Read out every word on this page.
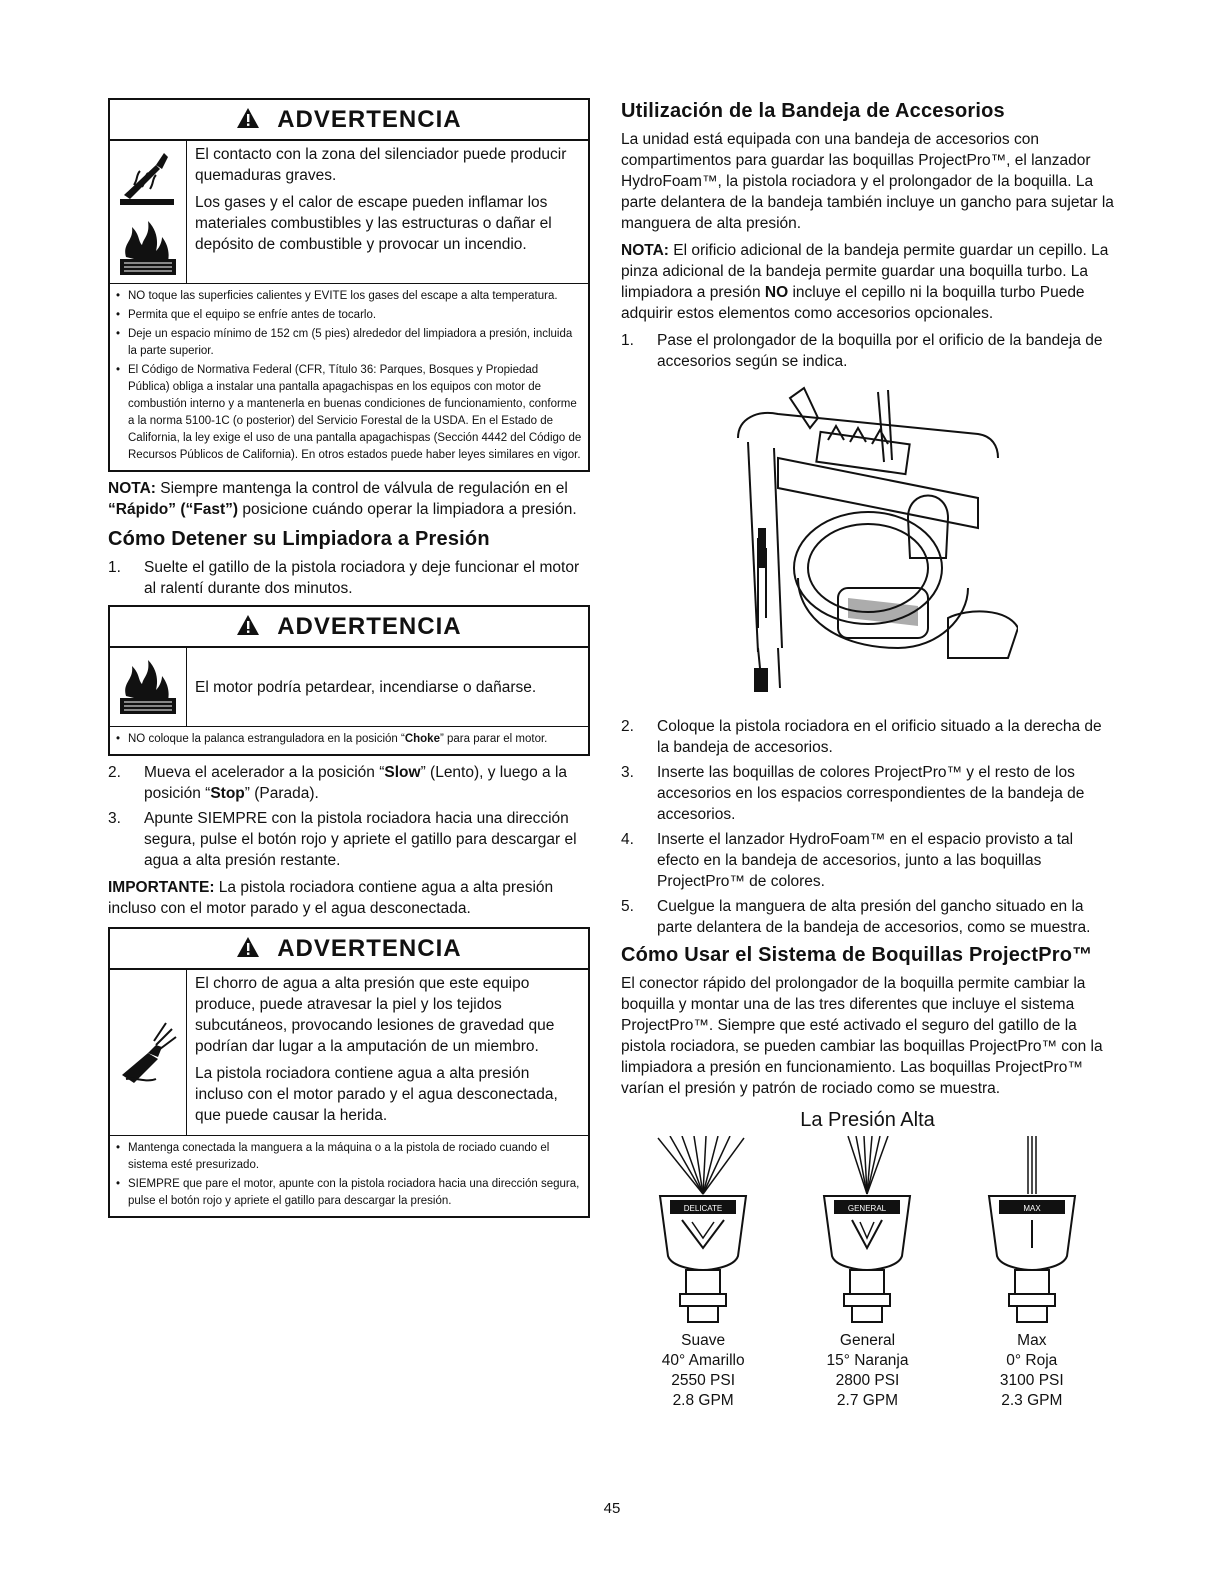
ADVERTENCIA

El contacto con la zona del silenciador puede producir quemaduras graves.

Los gases y el calor de escape pueden inflamar los materiales combustibles y las estructuras o dañar el depósito de combustible y provocar un incendio.

• NO toque las superficies calientes y EVITE los gases del escape a alta temperatura.
• Permita que el equipo se enfríe antes de tocarlo.
• Deje un espacio mínimo de 152 cm (5 pies) alrededor del limpiadora a presión, incluida la parte superior.
• El Código de Normativa Federal (CFR, Título 36: Parques, Bosques y Propiedad Pública) obliga a instalar una pantalla apagachispas en los equipos con motor de combustión interno y a mantenerla en buenas condiciones de funcionamiento, conforme a la norma 5100-1C (o posterior) del Servicio Forestal de la USDA. En el Estado de California, la ley exige el uso de una pantalla apagachispas (Sección 4442 del Código de Recursos Públicos de California). En otros estados puede haber leyes similares en vigor.
NOTA: Siempre mantenga la control de válvula de regulación en el “Rápido” (“Fast”) posicione cuándo operar la limpiadora a presión.
Cómo Detener su Limpiadora a Presión
1.	Suelte el gatillo de la pistola rociadora y deje funcionar el motor al ralentí durante dos minutos.
ADVERTENCIA

El motor podría petardear, incendiarse o dañarse.

• NO coloque la palanca estranguladora en la posición “Choke” para parar el motor.
2.	Mueva el acelerador a la posición “Slow” (Lento), y luego a la posición “Stop” (Parada).
3.	Apunte SIEMPRE con la pistola rociadora hacia una dirección segura, pulse el botón rojo y apriete el gatillo para descargar el agua a alta presión restante.
IMPORTANTE: La pistola rociadora contiene agua a alta presión incluso con el motor parado y el agua desconectada.
ADVERTENCIA

El chorro de agua a alta presión que este equipo produce, puede atravesar la piel y los tejidos subcutáneos, provocando lesiones de gravedad que podrían dar lugar a la amputación de un miembro.

La pistola rociadora contiene agua a alta presión incluso con el motor parado y el agua desconectada, que puede causar la herida.

• Mantenga conectada la manguera a la máquina o a la pistola de rociado cuando el sistema esté presurizado.
• SIEMPRE que pare el motor, apunte con la pistola rociadora hacia una dirección segura, pulse el botón rojo y apriete el gatillo para descargar la presión.
Utilización de la Bandeja de Accesorios

La unidad está equipada con una bandeja de accesorios con compartimentos para guardar las boquillas ProjectPro™, el lanzador HydroFoam™, la pistola rociadora y el prolongador de la boquilla. La parte delantera de la bandeja también incluye un gancho para sujetar la manguera de alta presión.

NOTA: El orificio adicional de la bandeja permite guardar un cepillo. La pinza adicional de la bandeja permite guardar una boquilla turbo. La limpiadora a presión NO incluye el cepillo ni la boquilla turbo Puede adquirir estos elementos como accesorios opcionales.

1.	Pase el prolongador de la boquilla por el orificio de la bandeja de accesorios según se indica.
2.	Coloque la pistola rociadora en el orificio situado a la derecha de la bandeja de accesorios.
3.	Inserte las boquillas de colores ProjectPro™ y el resto de los accesorios en los espacios correspondientes de la bandeja de accesorios.
4.	Inserte el lanzador HydroFoam™ en el espacio provisto a tal efecto en la bandeja de accesorios, junto a las boquillas ProjectPro™ de colores.
5.	Cuelgue la manguera de alta presión del gancho situado en la parte delantera de la bandeja de accesorios, como se muestra.
Cómo Usar el Sistema de Boquillas ProjectPro™

El conector rápido del prolongador de la boquilla permite cambiar la boquilla y montar una de las tres diferentes que incluye el sistema ProjectPro™. Siempre que esté activado el seguro del gatillo de la pistola rociadora, se pueden cambiar las boquillas ProjectPro™ con la limpiadora a presión en funcionamiento. Las boquillas ProjectPro™ varían el presión y patrón de rociado como se muestra.

La Presión Alta
DELICATE
Suave
40° Amarillo
2550 PSI
2.8 GPM
GENERAL
General
15° Naranja
2800 PSI
2.7 GPM
MAX
Max
0° Roja
3100 PSI
2.3 GPM
45
